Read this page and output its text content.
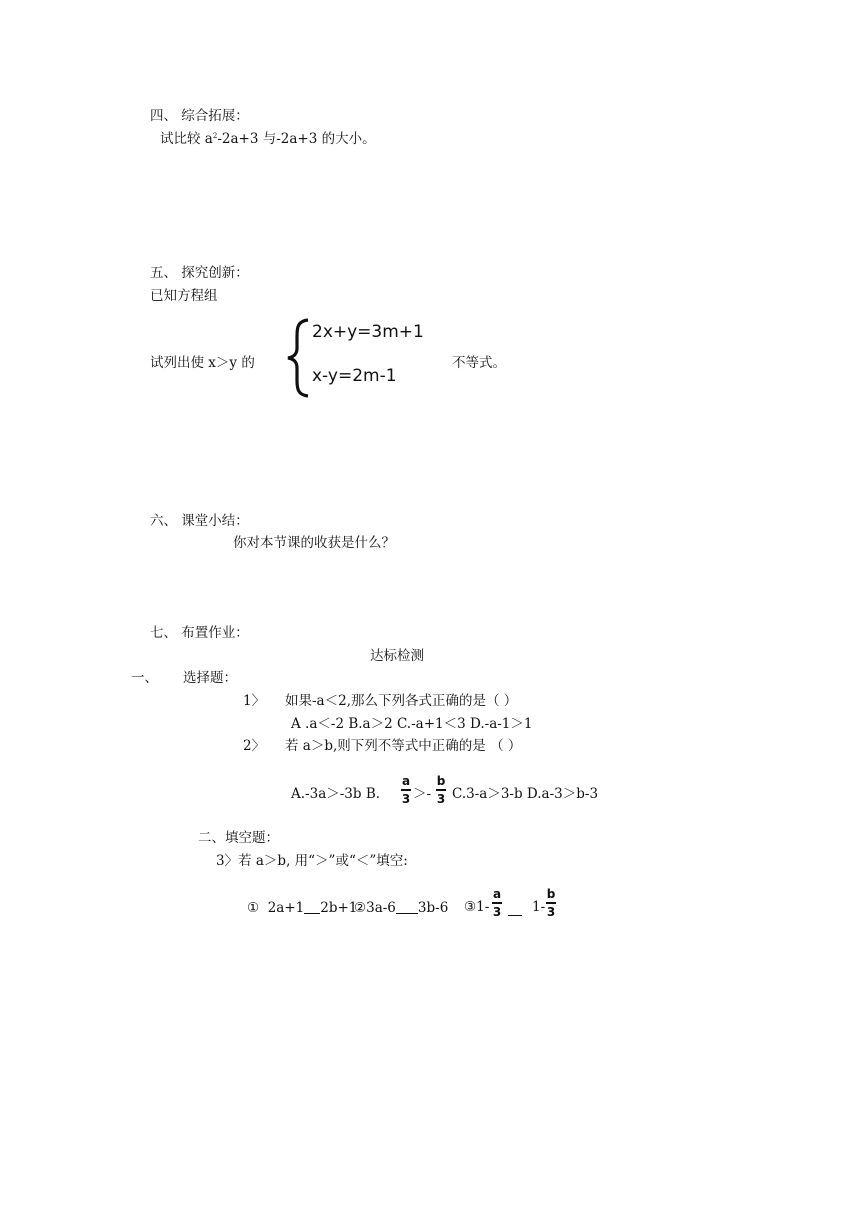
四、 综合拓展：
试比较 $a^2-2a+3$ 与-2a+3 的大小。
五、 探究创新：
已知方程组
2x+y=3m+1
x-y=2m-1
试列出使 x＞y 的	不等式。
六、 课堂小结：
你对本节课的收获是什么？
七、 布置作业：
达标检测
一、 选择题：
1〉 如果-a＜2,那么下列各式正确的是（ ）
A .a＜-2 B.a＞2 C.-a+1＜3 D.-a-1＞1
2〉 若 a＞b,则下列不等式中正确的是 （ ）
A.-3a＞-3b B.
a
3 ＞-
b
3 C.3-a＞3-b D.a-3＞b-3
二、填空题：
3〉若 a＞b, 用“＞”或“＜”填空:
① 2a+1 2b+1
②3a-6 3b-6 ③1-
a
3 1-
b
3
